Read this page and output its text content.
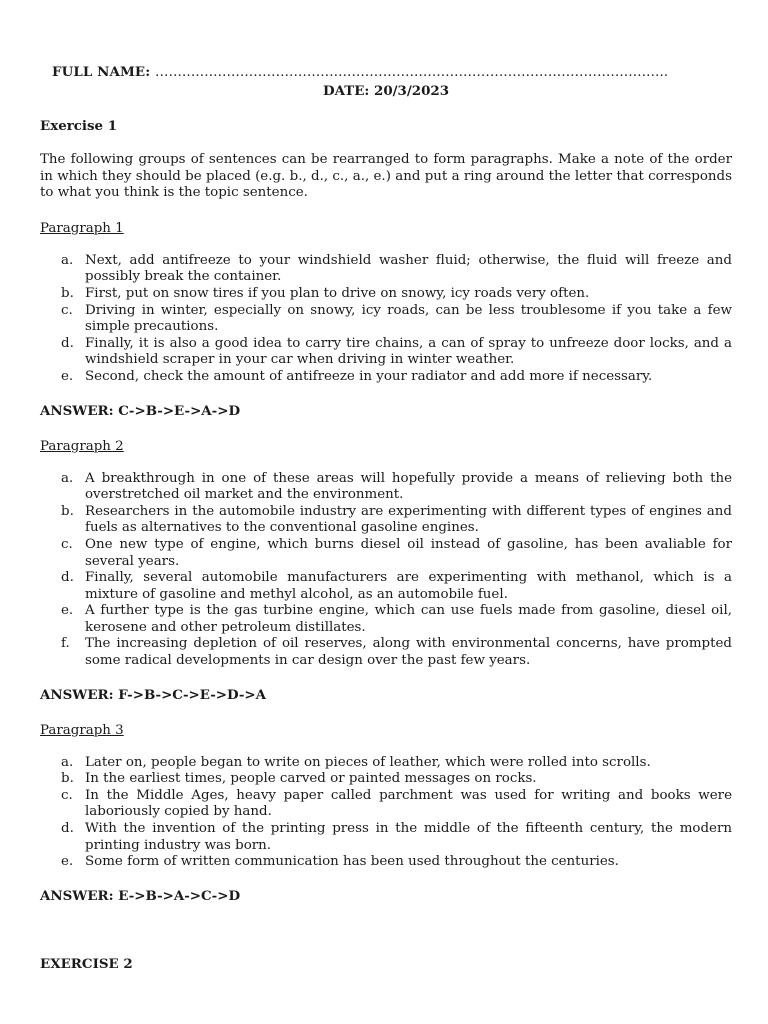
FULL NAME: …………………………………………………………………………………………………….
DATE: 20/3/2023
Exercise 1
The following groups of sentences can be rearranged to form paragraphs. Make a note of the order in which they should be placed (e.g. b., d., c., a., e.) and put a ring around the letter that corresponds to what you think is the topic sentence.
Paragraph 1
a. Next, add antifreeze to your windshield washer fluid; otherwise, the fluid will freeze and possibly break the container.
b. First, put on snow tires if you plan to drive on snowy, icy roads very often.
c. Driving in winter, especially on snowy, icy roads, can be less troublesome if you take a few simple precautions.
d. Finally, it is also a good idea to carry tire chains, a can of spray to unfreeze door locks, and a windshield scraper in your car when driving in winter weather.
e. Second, check the amount of antifreeze in your radiator and add more if necessary.
ANSWER: C->B->E->A->D
Paragraph 2
a. A breakthrough in one of these areas will hopefully provide a means of relieving both the overstretched oil market and the environment.
b. Researchers in the automobile industry are experimenting with different types of engines and fuels as alternatives to the conventional gasoline engines.
c. One new type of engine, which burns diesel oil instead of gasoline, has been avaliable for several years.
d. Finally, several automobile manufacturers are experimenting with methanol, which is a mixture of gasoline and methyl alcohol, as an automobile fuel.
e. A further type is the gas turbine engine, which can use fuels made from gasoline, diesel oil, kerosene and other petroleum distillates.
f. The increasing depletion of oil reserves, along with environmental concerns, have prompted some radical developments in car design over the past few years.
ANSWER: F->B->C->E->D->A
Paragraph 3
a. Later on, people began to write on pieces of leather, which were rolled into scrolls.
b. In the earliest times, people carved or painted messages on rocks.
c. In the Middle Ages, heavy paper called parchment was used for writing and books were laboriously copied by hand.
d. With the invention of the printing press in the middle of the fifteenth century, the modern printing industry was born.
e. Some form of written communication has been used throughout the centuries.
ANSWER: E->B->A->C->D
EXERCISE 2
